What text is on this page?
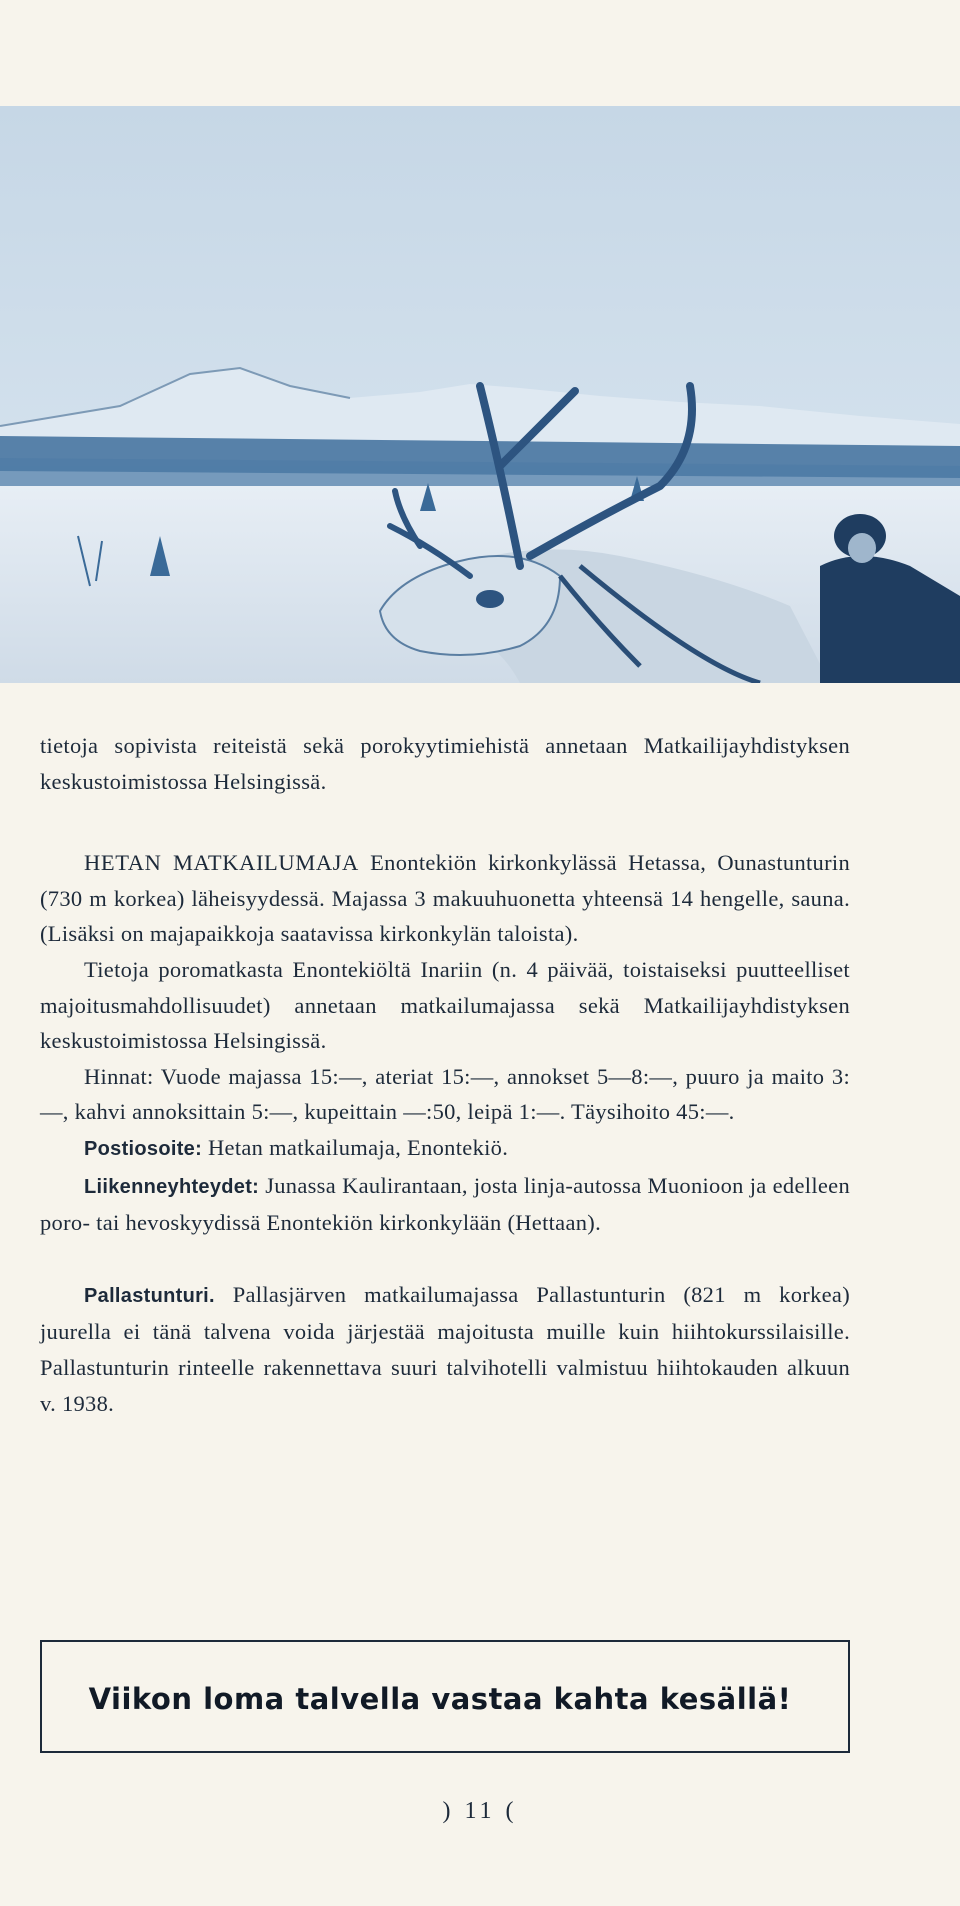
tietoja sopivista reiteistä sekä porokyytimiehistä annetaan Matkailijayhdistyksen keskustoimistossa Helsingissä.

HETAN MATKAILUMAJA Enontekiön kirkonkylässä Hetassa, Ounastunturin (730 m korkea) läheisyydessä. Majassa 3 makuuhuonetta yhteensä 14 hengelle, sauna. (Lisäksi on majapaikkoja saatavissa kirkonkylän taloista).

Tietoja poromatkasta Enontekiöltä Inariin (n. 4 päivää, toistaiseksi puutteelliset majoitusmahdollisuudet) annetaan matkailumajassa sekä Matkailijayhdistyksen keskustoimistossa Helsingissä.

Hinnat: Vuode majassa 15:—, ateriat 15:—, annokset 5—8:—, puuro ja maito 3:—, kahvi annoksittain 5:—, kupeittain —:50, leipä 1:—. Täysihoito 45:—.

Postiosoite: Hetan matkailumaja, Enontekiö.

Liikenneyhteydet: Junassa Kaulirantaan, josta linja-autossa Muonioon ja edelleen poro- tai hevoskyydissä Enontekiön kirkonkylään (Hettaan).

Pallastunturi. Pallasjärven matkailumajassa Pallastunturin (821 m korkea) juurella ei tänä talvena voida järjestää majoitusta muille kuin hiihtokurssilaisille. Pallastunturin rinteelle rakennettava suuri talvihotelli valmistuu hiihtokauden alkuun v. 1938.

Viikon loma talvella vastaa kahta kesällä!
) 11 (
